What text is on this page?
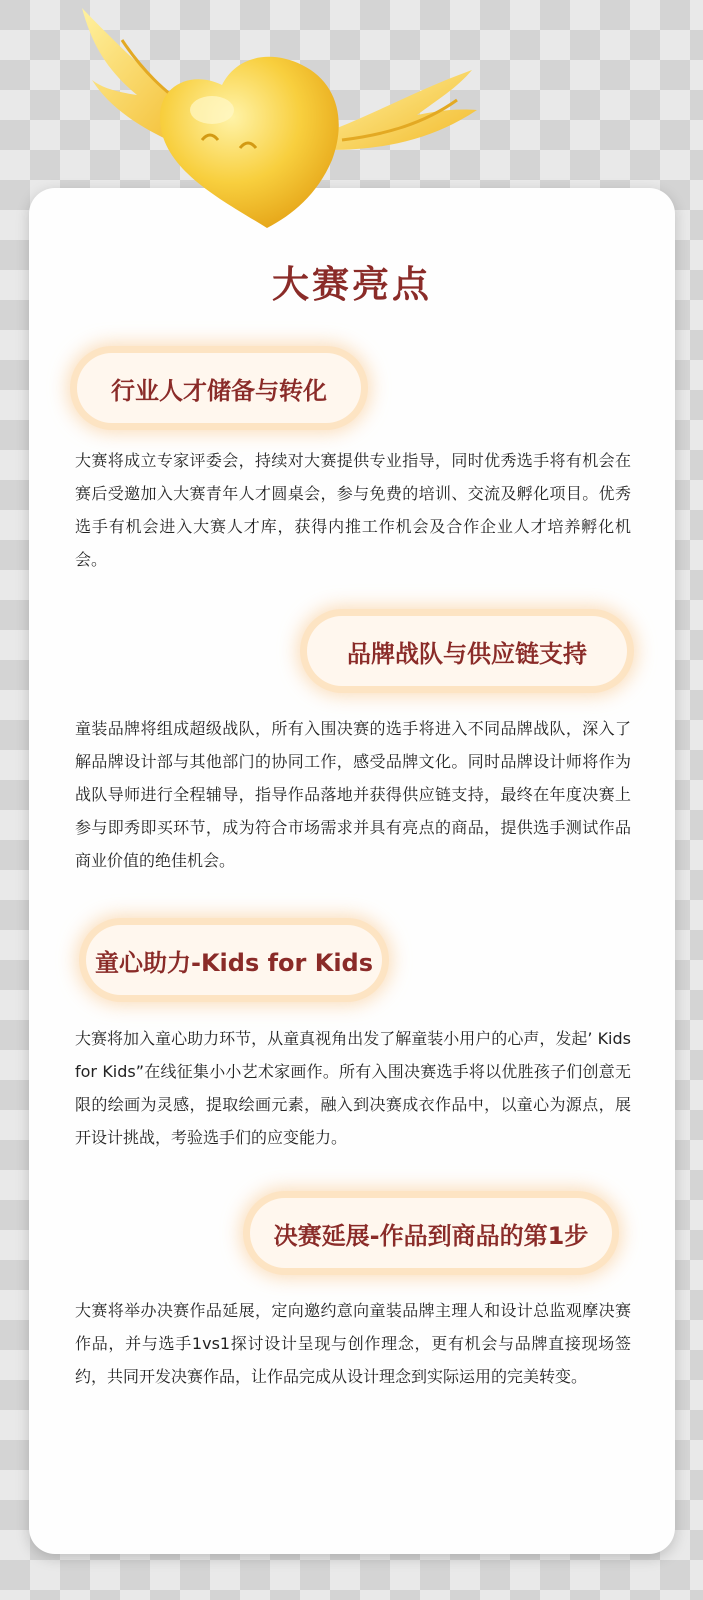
大赛亮点
行业人才储备与转化

大赛将成立专家评委会，持续对大赛提供专业指导，同时优秀选手将有机会在赛后受邀加入大赛青年人才圆桌会，参与免费的培训、交流及孵化项目。优秀选手有机会进入大赛人才库，获得内推工作机会及合作企业人才培养孵化机会。

品牌战队与供应链支持

童装品牌将组成超级战队，所有入围决赛的选手将进入不同品牌战队，深入了解品牌设计部与其他部门的协同工作，感受品牌文化。同时品牌设计师将作为战队导师进行全程辅导，指导作品落地并获得供应链支持，最终在年度决赛上参与即秀即买环节，成为符合市场需求并具有亮点的商品，提供选手测试作品商业价值的绝佳机会。

童心助力-Kids for Kids

大赛将加入童心助力环节，从童真视角出发了解童装小用户的心声，发起’ Kids for Kids”在线征集小小艺术家画作。所有入围决赛选手将以优胜孩子们创意无限的绘画为灵感，提取绘画元素，融入到决赛成衣作品中，以童心为源点，展开设计挑战，考验选手们的应变能力。

决赛延展-作品到商品的第1步

大赛将举办决赛作品延展，定向邀约意向童装品牌主理人和设计总监观摩决赛作品，并与选手1vs1探讨设计呈现与创作理念，更有机会与品牌直接现场签约，共同开发决赛作品，让作品完成从设计理念到实际运用的完美转变。
